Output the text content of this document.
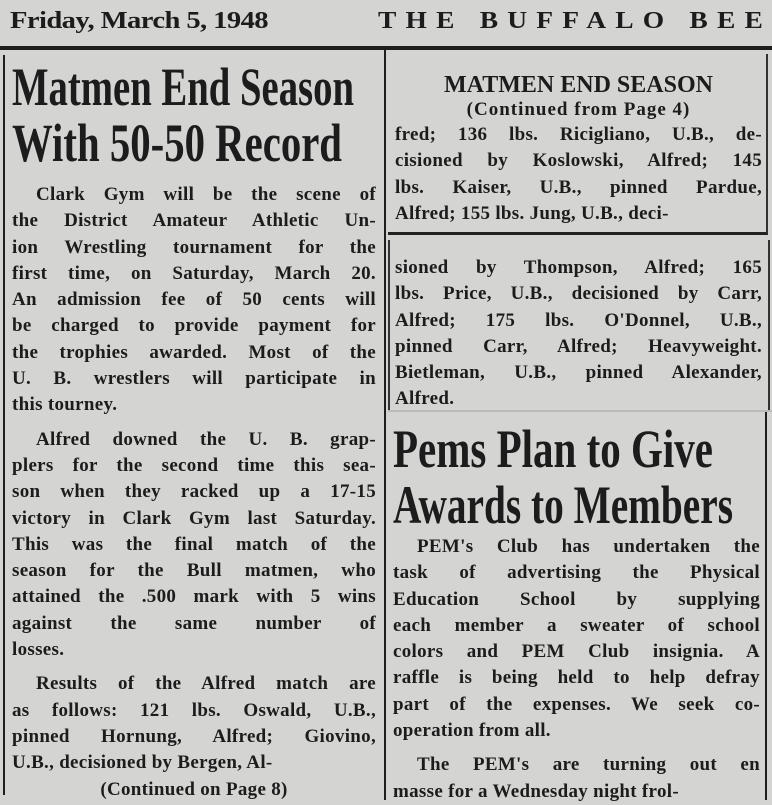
Friday, March 5, 1948	THE BUFFALO BEE
Matmen End Season
With 50-50 Record
Clark Gym will be the scene of
the District Amateur Athletic Un-
ion Wrestling tournament for the
first time, on Saturday, March 20.
An admission fee of 50 cents will
be charged to provide payment for
the trophies awarded. Most of the
U. B. wrestlers will participate in
this tourney.
Alfred downed the U. B. grap-
plers for the second time this sea-
son when they racked up a 17-15
victory in Clark Gym last Saturday.
This was the final match of the
season for the Bull matmen, who
attained the .500 mark with 5 wins
against the same number of
losses.
Results of the Alfred match are
as follows: 121 lbs. Oswald, U.B.,
pinned Hornung, Alfred; Giovino,
U.B., decisioned by Bergen, Al-
(Continued on Page 8)
MATMEN END SEASON
(Continued from Page 4)
fred; 136 lbs. Ricigliano, U.B., de-
cisioned by Koslowski, Alfred; 145
lbs. Kaiser, U.B., pinned Pardue,
Alfred; 155 lbs. Jung, U.B., deci-
sioned by Thompson, Alfred; 165
lbs. Price, U.B., decisioned by Carr,
Alfred; 175 lbs. O'Donnel, U.B.,
pinned Carr, Alfred; Heavyweight.
Bietleman, U.B., pinned Alexander,
Alfred.
Pems Plan to Give
Awards to Members
PEM's Club has undertaken the
task of advertising the Physical
Education School by supplying
each member a sweater of school
colors and PEM Club insignia. A
raffle is being held to help defray
part of the expenses. We seek co-
operation from all.
The PEM's are turning out en
masse for a Wednesday night frol-
